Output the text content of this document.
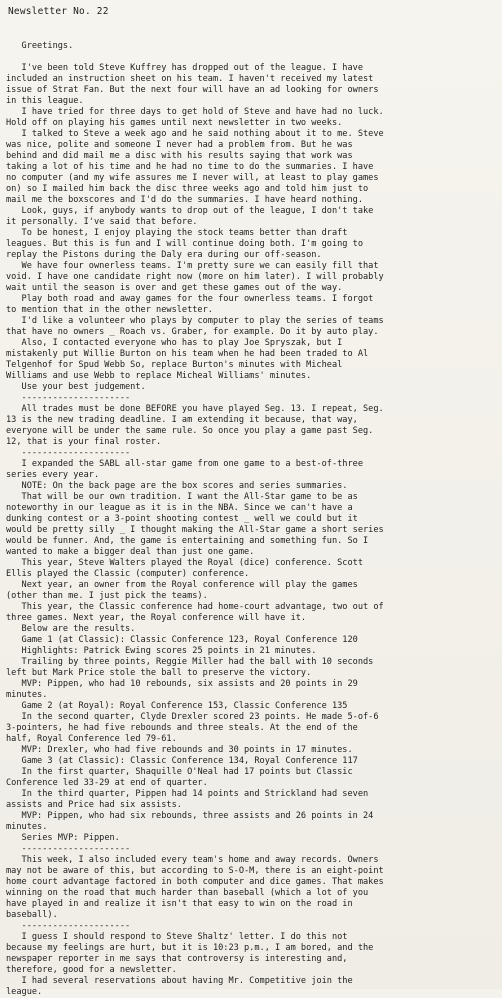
Newsletter No. 22
Greetings.
I've been told Steve Kuffrey has dropped out of the league. I have
included an instruction sheet on his team. I haven't received my latest
issue of Strat Fan. But the next four will have an ad looking for owners
in this league.
I have tried for three days to get hold of Steve and have had no luck.
Hold off on playing his games until next newsletter in two weeks.
I talked to Steve a week ago and he said nothing about it to me. Steve
was nice, polite and someone I never had a problem from. But he was
behind and did mail me a disc with his results saying that work was
taking a lot of his time and he had no time to do the summaries. I have
no computer (and my wife assures me I never will, at least to play games
on) so I mailed him back the disc three weeks ago and told him just to
mail me the boxscores and I'd do the summaries. I have heard nothing.
Look, guys, if anybody wants to drop out of the league, I don't take
it personally. I've said that before.
To be honest, I enjoy playing the stock teams better than draft
leagues. But this is fun and I will continue doing both. I'm going to
replay the Pistons during the Daly era during our off-season.
We have four ownerless teams. I'm pretty sure we can easily fill that
void. I have one candidate right now (more on him later). I will probably
wait until the season is over and get these games out of the way.
Play both road and away games for the four ownerless teams. I forgot
to mention that in the other newsletter.
I'd like a volunteer who plays by computer to play the series of teams
that have no owners _ Roach vs. Graber, for example. Do it by auto play.
Also, I contacted everyone who has to play Joe Spryszak, but I
mistakenly put Willie Burton on his team when he had been traded to Al
Telgenhof for Spud Webb So, replace Burton's minutes with Micheal
Williams and use Webb to replace Micheal Williams' minutes.
Use your best judgement.
---------------------
All trades must be done BEFORE you have played Seg. 13. I repeat, Seg.
13 is the new trading deadline. I am extending it because, that way,
everyone will be under the same rule. So once you play a game past Seg.
12, that is your final roster.
---------------------
I expanded the SABL all-star game from one game to a best-of-three
series every year.
NOTE: On the back page are the box scores and series summaries.
That will be our own tradition. I want the All-Star game to be as
noteworthy in our league as it is in the NBA. Since we can't have a
dunking contest or a 3-point shooting contest _ well we could but it
would be pretty silly _ I thought making the All-Star game a short series
would be funner. And, the game is entertaining and something fun. So I
wanted to make a bigger deal than just one game.
This year, Steve Walters played the Royal (dice) conference. Scott
Ellis played the Classic (computer) conference.
Next year, an owner from the Royal conference will play the games
(other than me. I just pick the teams).
This year, the Classic conference had home-court advantage, two out of
three games. Next year, the Royal conference will have it.
Below are the results.
Game 1 (at Classic): Classic Conference 123, Royal Conference 120
Highlights: Patrick Ewing scores 25 points in 21 minutes.
Trailing by three points, Reggie Miller had the ball with 10 seconds
left but Mark Price stole the ball to preserve the victory.
MVP: Pippen, who had 10 rebounds, six assists and 20 points in 29
minutes.
Game 2 (at Royal): Royal Conference 153, Classic Conference 135
In the second quarter, Clyde Drexler scored 23 points. He made 5-of-6
3-pointers, he had five rebounds and three steals. At the end of the
half, Royal Conference led 79-61.
MVP: Drexler, who had five rebounds and 30 points in 17 minutes.
Game 3 (at Classic): Classic Conference 134, Royal Conference 117
In the first quarter, Shaquille O'Neal had 17 points but Classic
Conference led 33-29 at end of quarter.
In the third quarter, Pippen had 14 points and Strickland had seven
assists and Price had six assists.
MVP: Pippen, who had six rebounds, three assists and 26 points in 24
minutes.
Series MVP: Pippen.
---------------------
This week, I also included every team's home and away records. Owners
may not be aware of this, but according to S-O-M, there is an eight-point
home court advantage factored in both computer and dice games. That makes
winning on the road that much harder than baseball (which a lot of you
have played in and realize it isn't that easy to win on the road in
baseball).
---------------------
I guess I should respond to Steve Shaltz' letter. I do this not
because my feelings are hurt, but it is 10:23 p.m., I am bored, and the
newspaper reporter in me says that controversy is interesting and,
therefore, good for a newsletter.
I had several reservations about having Mr. Competitive join the
league.
